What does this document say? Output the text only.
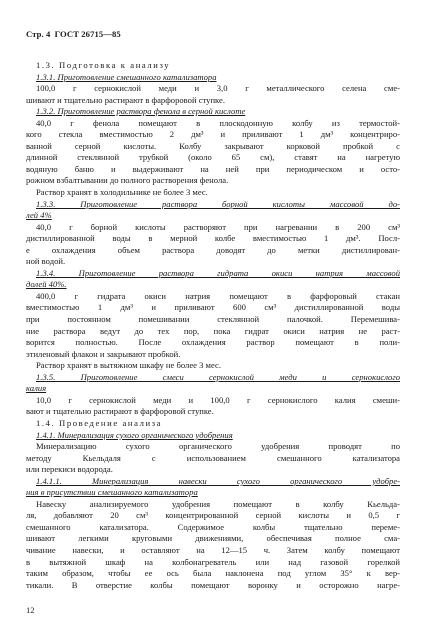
Стр. 4 ГОСТ 26715—85
1.3. Подготовка к анализу
1.3.1. Приготовление смешанного катализатора
100,0 г сернокислой меди и 3,0 г металлического селена сме-
шивают и тщательно растирают в фарфоровой ступке.
1.3.2. Приготовление раствора фенола в серной кислоте
40,0 г фенола помещают в плоскодонную колбу из термостой-
кого стекла вместимостью 2 дм³ и приливают 1 дм³ концентриро-
ванной серной кислоты. Колбу закрывают корковой пробкой с
длинной стеклянной трубкой (около 65 см), ставят на нагретую
водяную баню и выдерживают на ней при периодическом и осто-
рожном взбалтывании до полного растворения фенола.
Раствор хранят в холодильнике не более 3 мес.
1.3.3. Приготовление раствора борной кислоты массовой до-
лей 4%
40,0 г борной кислоты растворяют при нагревании в 200 см³
дистиллированной воды в мерной колбе вместимостью 1 дм³. Посл-
е охлаждения объем раствора доводят до метки дистиллирован-
ной водой.
1.3.4. Приготовление раствора гидрата окиси натрия массовой
долей 40%.
400,0 г гидрата окиси натрия помещают в фарфоровый стакан
вместимостью 1 дм³ и приливают 600 см³ дистиллированной воды
при постоянном помешивании стеклянной палочкой. Перемешива-
ние раствора ведут до тех пор, пока гидрат окиси натрия не раст-
ворится полностью. После охлаждения раствор помещают в поли-
этиленовый флакон и закрывают пробкой.
Раствор хранят в вытяжном шкафу не более 3 мес.
1.3.5. Приготовление смеси сернокислой меди и сернокислого
калия
10,0 г сернокислой меди и 100,0 г сернокислого калия смеши-
вают и тщательно растирают в фарфоровой ступке.
1.4. Проведение анализа
1.4.1. Минерализация сухого органического удобрения
Минерализацию сухого органического удобрения проводят по
методу Кьельдаля с использованием смешанного катализатора
или перекиси водорода.
1.4.1.1. Минерализация навески сухого органического удобре-
ния в присутствии смешанного катализатора
Навеску анализируемого удобрения помещают в колбу Кьельда-
ля, добавляют 20 см³ концентрированной серной кислоты и 0,5 г
смешанного катализатора. Содержимое колбы тщательно переме-
шивают легкими круговыми движениями, обеспечивая полное сма-
чивание навески, и оставляют на 12—15 ч. Затем колбу помещают
в вытяжной шкаф на колбонагреватель или над газовой горелкой
таким образом, чтобы ее ось была наклонена под углом 35° к вер-
тикали. В отверстие колбы помещают воронку и осторожно нагре-
12
